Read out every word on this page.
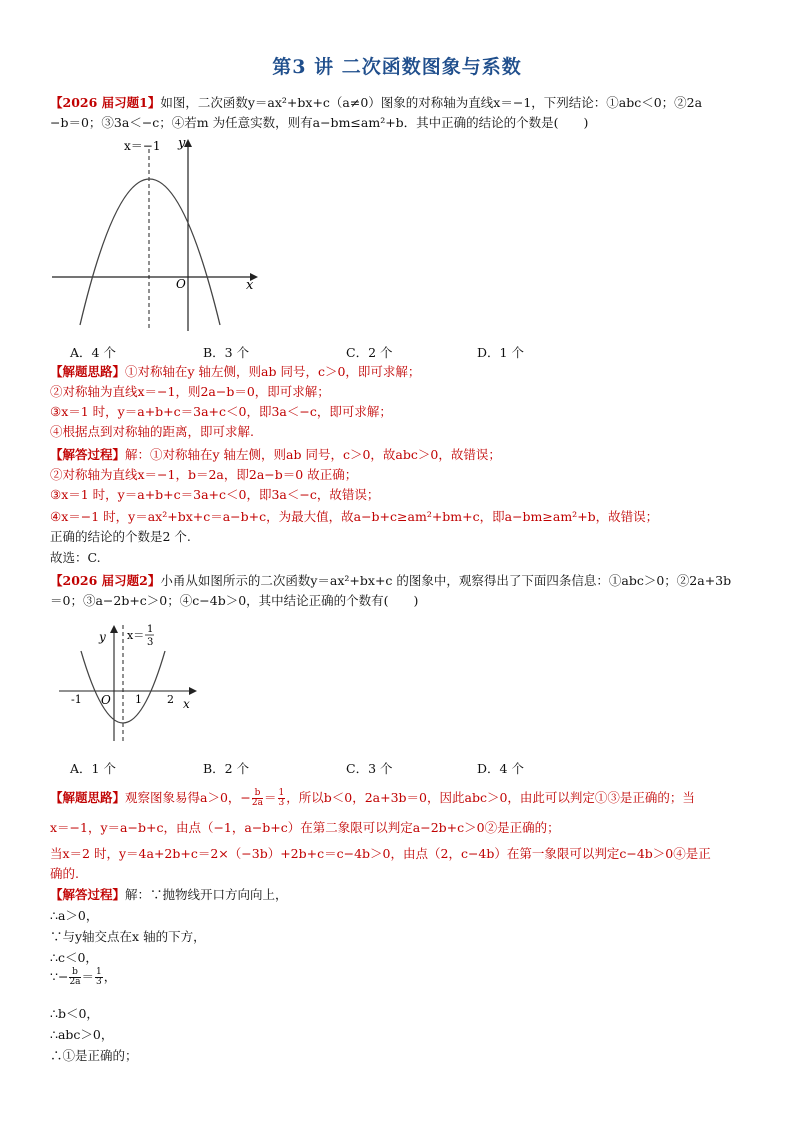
第3 讲 二次函数图象与系数
【2026 届习题1】如图，二次函数y＝ax²+bx+c（a≠0）图象的对称轴为直线x＝−1，下列结论：①abc＜0；②2a
−b＝0；③3a＜−c；④若m 为任意实数，则有a−bm≤am²+b．其中正确的结论的个数是(　　)
x＝−1 y
x
O
A．4 个	B．3 个	C．2 个	D．1 个
【解题思路】①对称轴在y 轴左侧，则ab 同号，c＞0，即可求解；
②对称轴为直线x＝−1，则2a−b＝0，即可求解；
③x＝1 时，y＝a+b+c＝3a+c＜0，即3a＜−c，即可求解；
④根据点到对称轴的距离，即可求解.
【解答过程】解：①对称轴在y 轴左侧，则ab 同号，c＞0，故abc＞0，故错误；
②对称轴为直线x＝−1，b＝2a，即2a−b＝0 故正确；
③x＝1 时，y＝a+b+c＝3a+c＜0，即3a＜−c，故错误；
④x＝−1 时，y＝ax²+bx+c＝a−b+c，为最大值，故a−b+c≥am²+bm+c，即a−bm≥am²+b，故错误；
正确的结论的个数是2 个.
故选：C.
【2026 届习题2】小甬从如图所示的二次函数y＝ax²+bx+c 的图象中，观察得出了下面四条信息：①abc＞0；②2a+3b
＝0；③a−2b+c＞0；④c−4b＞0，其中结论正确的个数有(　　)
-1	1 2
O	x
y x＝ 1
3
A．1 个	B．2 个	C．3 个	D．4 个
【解题思路】观察图象易得a＞0，− $\frac{b}{2a} = \frac{1}{3}$ ，所以b＜0，2a+3b＝0，因此abc＞0，由此可以判定①③是正确的；当
x＝−1，y＝a−b+c，由点（−1，a−b+c）在第二象限可以判定a−2b+c＞0②是正确的；
当x＝2 时，y＝4a+2b+c＝2×（−3b）+2b+c＝c−4b＞0，由点（2，c−4b）在第一象限可以判定c−4b＞0④是正
确的.
【解答过程】解：∵抛物线开口方向向上，
∴a＞0，
∵与y轴交点在x 轴的下方，
∴c＜0，
∵− $\frac{b}{2a} = \frac{1}{3}$ ，
∴b＜0，
∴abc＞0，
∴①是正确的；
